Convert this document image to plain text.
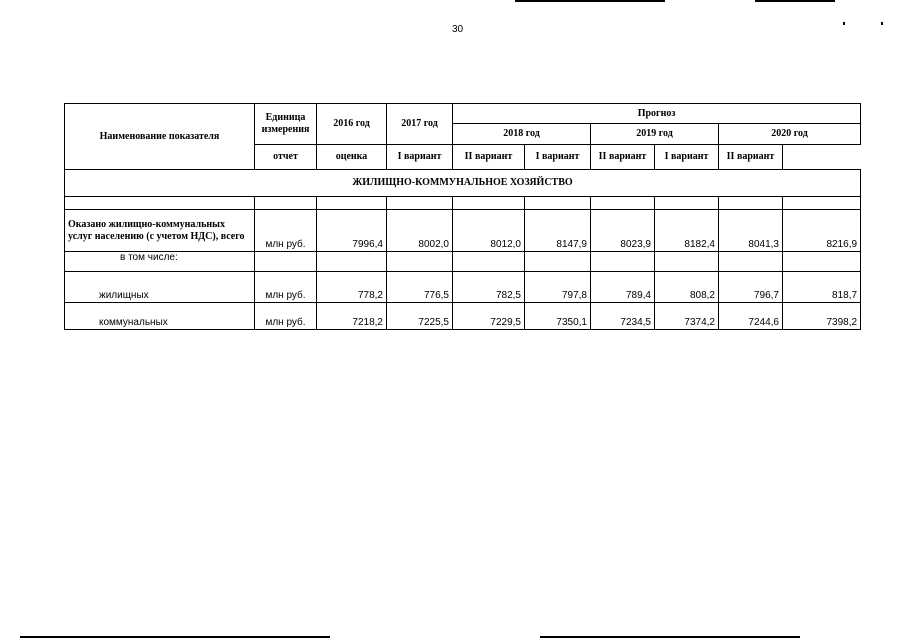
30
Наименование показателя	Единица измерения	2016 год	2017 год	Прогноз					
				2018 год		2019 год		2020 год	
	отчет	оценка	I вариант	II вариант	I вариант	II вариант	I вариант	II вариант	
ЖИЛИЩНО-КОММУНАЛЬНОЕ ХОЗЯЙСТВО									

Оказано жилищно-коммунальных услуг населению (с учетом НДС), всего	млн руб.	7996,4	8002,0	8012,0	8147,9	8023,9	8182,4	8041,3	8216,9
в том числе:									
жилищных	млн руб.	778,2	776,5	782,5	797,8	789,4	808,2	796,7	818,7
коммунальных	млн руб.	7218,2	7225,5	7229,5	7350,1	7234,5	7374,2	7244,6	7398,2
